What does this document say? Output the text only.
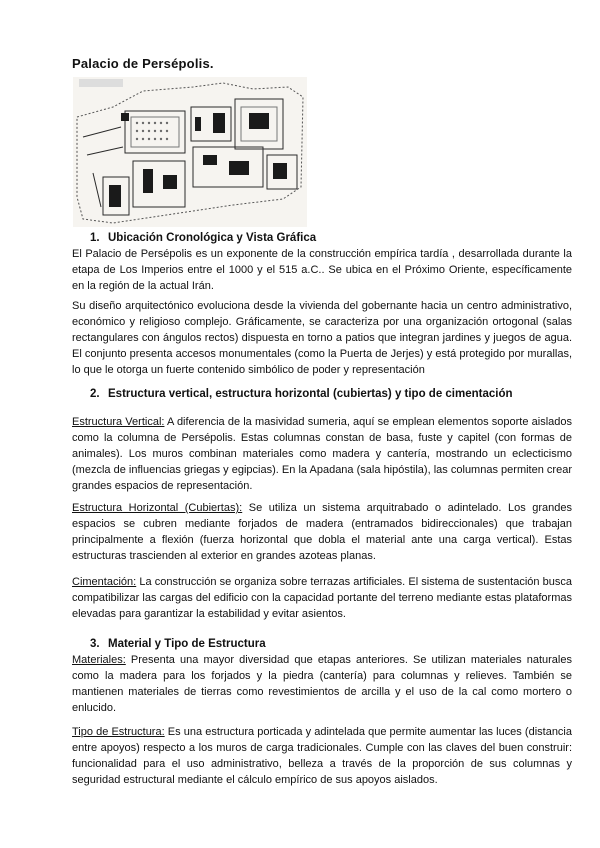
Palacio de Persépolis.
1. Ubicación Cronológica y Vista Gráfica

El Palacio de Persépolis es un exponente de la construcción empírica tardía , desarrollada durante la etapa de Los Imperios entre el 1000 y el 515 a.C.. Se ubica en el Próximo Oriente, específicamente en la región de la actual Irán.

Su diseño arquitectónico evoluciona desde la vivienda del gobernante hacia un centro administrativo, económico y religioso complejo. Gráficamente, se caracteriza por una organización ortogonal (salas rectangulares con ángulos rectos) dispuesta en torno a patios que integran jardines y juegos de agua. El conjunto presenta accesos monumentales (como la Puerta de Jerjes) y está protegido por murallas, lo que le otorga un fuerte contenido simbólico de poder y representación

2. Estructura vertical, estructura horizontal (cubiertas) y tipo de cimentación

Estructura Vertical: A diferencia de la masividad sumeria, aquí se emplean elementos soporte aislados como la columna de Persépolis. Estas columnas constan de basa, fuste y capitel (con formas de animales). Los muros combinan materiales como madera y cantería, mostrando un eclecticismo (mezcla de influencias griegas y egipcias). En la Apadana (sala hipóstila), las columnas permiten crear grandes espacios de representación.

Estructura Horizontal (Cubiertas): Se utiliza un sistema arquitrabado o adintelado. Los grandes espacios se cubren mediante forjados de madera (entramados bidireccionales) que trabajan principalmente a flexión (fuerza horizontal que dobla el material ante una carga vertical). Estas estructuras trascienden al exterior en grandes azoteas planas.

Cimentación: La construcción se organiza sobre terrazas artificiales. El sistema de sustentación busca compatibilizar las cargas del edificio con la capacidad portante del terreno mediante estas plataformas elevadas para garantizar la estabilidad y evitar asientos.

3. Material y Tipo de Estructura

Materiales: Presenta una mayor diversidad que etapas anteriores. Se utilizan materiales naturales como la madera para los forjados y la piedra (cantería) para columnas y relieves. También se mantienen materiales de tierras como revestimientos de arcilla y el uso de la cal como mortero o enlucido.

Tipo de Estructura: Es una estructura porticada y adintelada que permite aumentar las luces (distancia entre apoyos) respecto a los muros de carga tradicionales. Cumple con las claves del buen construir: funcionalidad para el uso administrativo, belleza a través de la proporción de sus columnas y seguridad estructural mediante el cálculo empírico de sus apoyos aislados.
